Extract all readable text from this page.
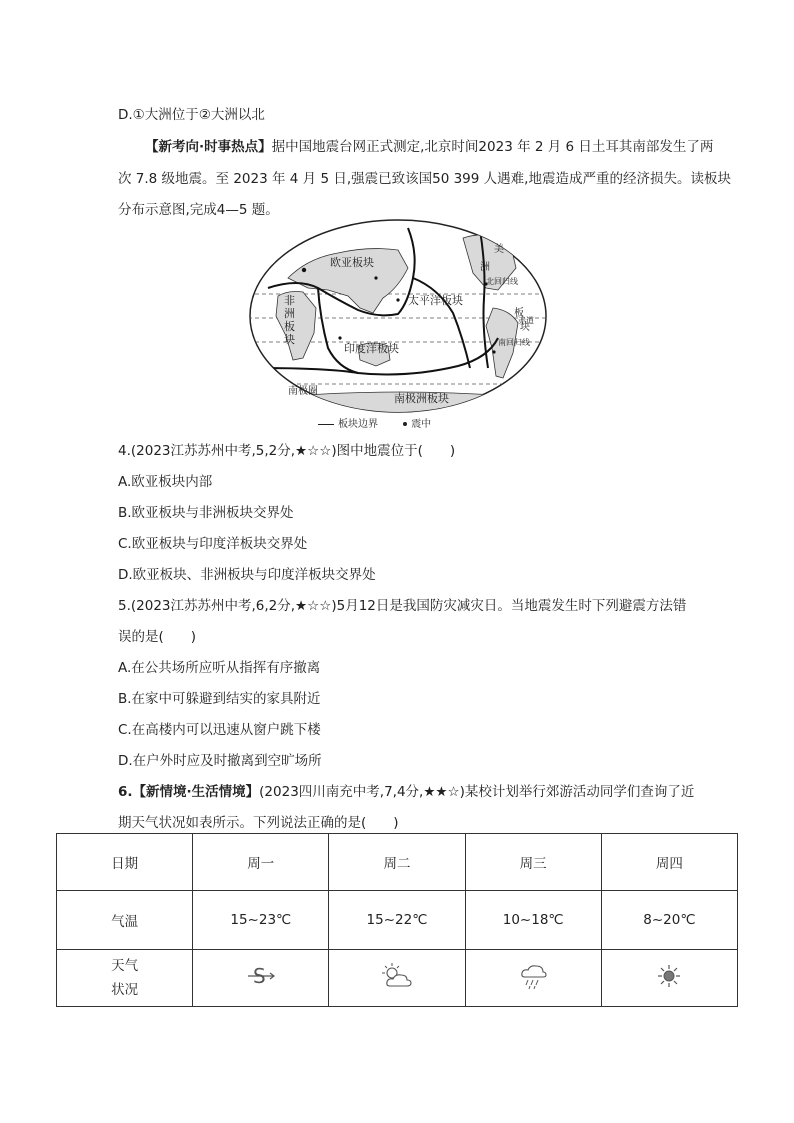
D.①大洲位于②大洲以北
【新考向·时事热点】据中国地震台网正式测定,北京时间2023 年 2 月 6 日土耳其南部发生了两
次 7.8 级地震。至 2023 年 4 月 5 日,强震已致该国50 399 人遇难,地震造成严重的经济损失。读板块
分布示意图,完成4—5 题。
欧亚板块
非
洲
板
块
太平洋板块
印度洋板块
南极洲板块
南极圈
北回归线
赤道
南回归线
美
洲
板
块
板块边界	震中
4.(2023江苏苏州中考,5,2分,★☆☆)图中地震位于(　　)
A.欧亚板块内部
B.欧亚板块与非洲板块交界处
C.欧亚板块与印度洋板块交界处
D.欧亚板块、非洲板块与印度洋板块交界处
5.(2023江苏苏州中考,6,2分,★☆☆)5月12日是我国防灾减灾日。当地震发生时下列避震方法错
误的是(　　)
A.在公共场所应听从指挥有序撤离
B.在家中可躲避到结实的家具附近
C.在高楼内可以迅速从窗户跳下楼
D.在户外时应及时撤离到空旷场所
6.【新情境·生活情境】(2023四川南充中考,7,4分,★★☆)某校计划举行郊游活动同学们查询了近
期天气状况如表所示。下列说法正确的是(　　)
日期	周一	周二	周三	周四
气温	15~23℃	15~22℃	10~18℃	8~20℃

天气
状况	S
